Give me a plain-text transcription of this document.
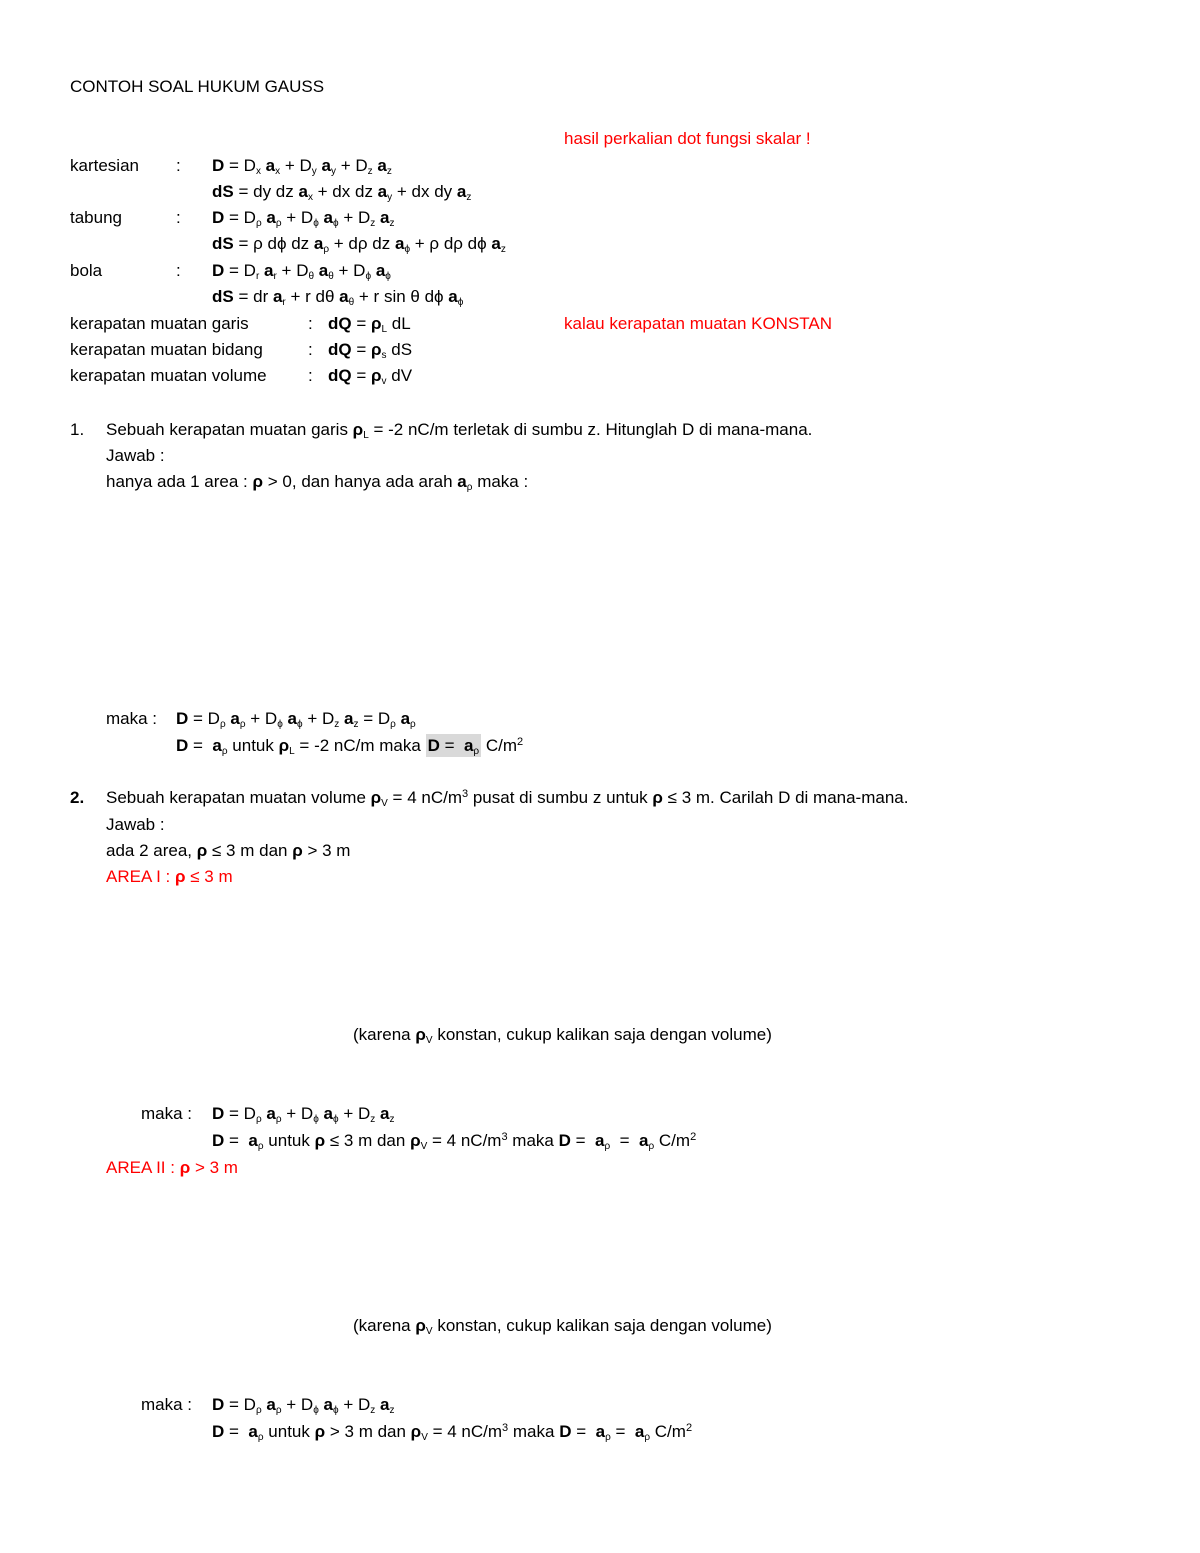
CONTOH SOAL HUKUM GAUSS
hasil perkalian dot fungsi skalar !
kartesian : $D = D_x$ $a_x + D_y$ $a_y + D_z$ $a_z$
dS = dy dz $a_x$ + dx dz $a_y$ + dx dy $a_z$
tabung	: $D = D_\rho$ $a_\rho + D_\phi$ $a_\phi + D_z$ $a_z$
dS = ρ dϕ dz $a_\rho + d\rho$ dz $a_\phi + \rho$ dρ dϕ $a_z$
bola	: $D = D_r$ $a_r + D_\theta$ $a_\theta + D_\phi$ $a_\phi$
dS = dr $a_r + r$ dθ $a_\theta + r$ sin θ dϕ $a_\phi$
kerapatan muatan garis	: dQ = $\rho_L$ dL	kalau kerapatan muatan KONSTAN
kerapatan muatan bidang	: dQ = $\rho_s$ dS
kerapatan muatan volume : dQ = $\rho_v$ dV
1. Sebuah kerapatan muatan garis $\rho_L = -2$ nC/m terletak di sumbu z. Hitunglah D di mana-mana.
Jawab :
hanya ada 1 area : ρ > 0, dan hanya ada arah $a_\rho$ maka :
maka : $D = D_\rho$ $a_\rho + D_\phi$ $a_\phi + D_z$ $a_z = D_\rho$ $a_\rho$
$D = a_\rho$ untuk $\rho_L = -2$ nC/m maka $D = a_\rho$ $C/m^2$
2. Sebuah kerapatan muatan volume $\rho_V = 4$ $nC/m^3$ pusat di sumbu z untuk ρ ≤ 3 m. Carilah D di mana-mana.
Jawab :
ada 2 area, ρ ≤ 3 m dan ρ > 3 m
AREA I : ρ ≤ 3 m
(karena $\rho_V$ konstan, cukup kalikan saja dengan volume)
maka : $D = D_\rho$ $a_\rho + D_\phi$ $a_\phi + D_z$ $a_z$
$D = a_\rho$ untuk ρ ≤ 3 m dan $\rho_V = 4$ $nC/m^3$ maka $D = a_\rho = a_\rho$ $C/m^2$
AREA II : ρ > 3 m
(karena $\rho_V$ konstan, cukup kalikan saja dengan volume)
maka : $D = D_\rho$ $a_\rho + D_\phi$ $a_\phi + D_z$ $a_z$
$D = a_\rho$ untuk ρ > 3 m dan $\rho_V = 4$ $nC/m^3$ maka $D = a_\rho = a_\rho$ $C/m^2$
